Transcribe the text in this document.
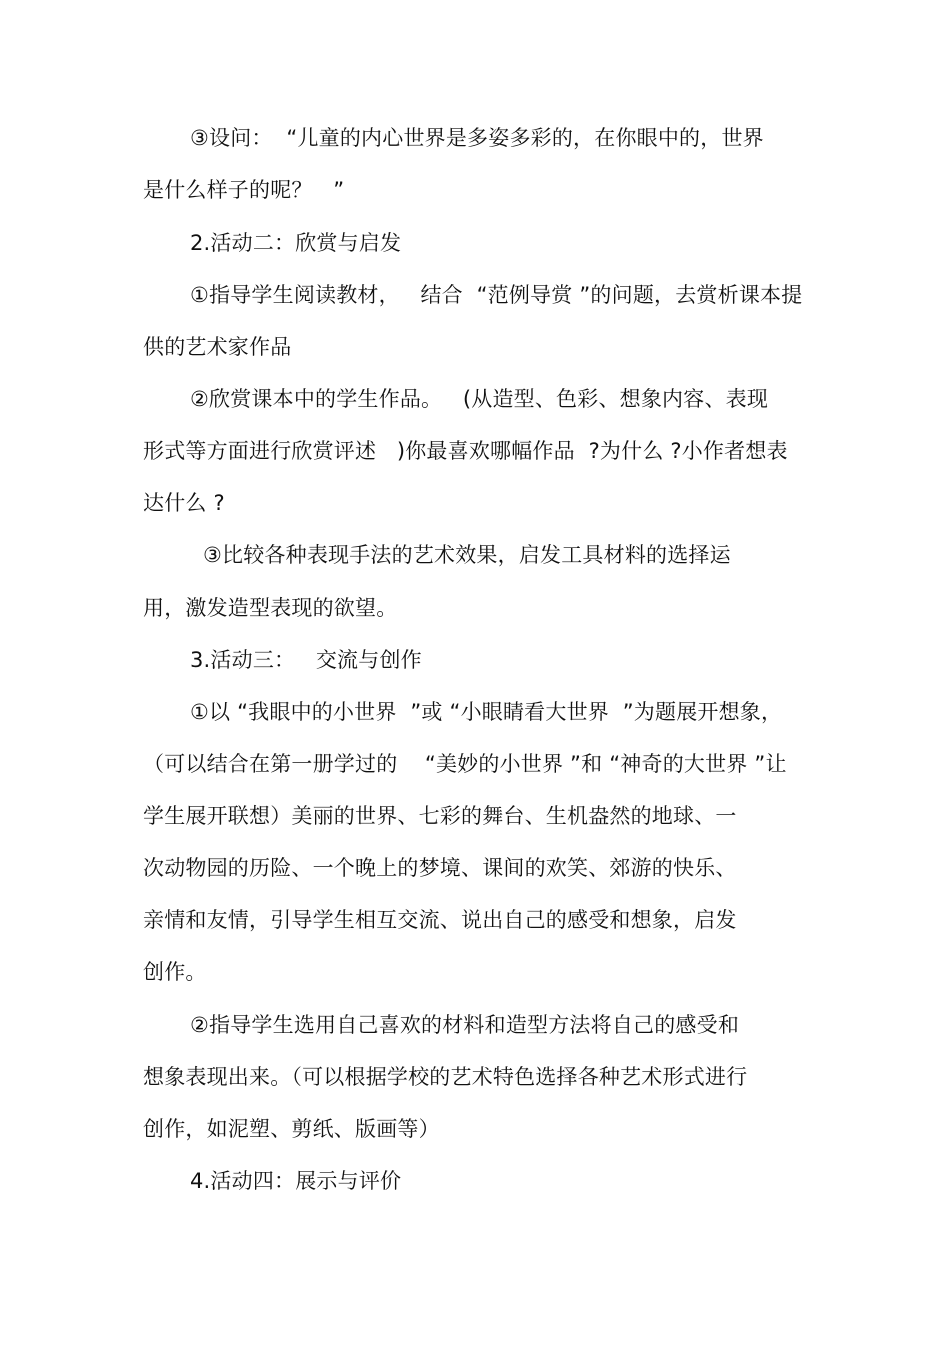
③设问：  “儿童的内心世界是多姿多彩的，在你眼中的，世界
是什么样子的呢？   ”
2.活动二：欣赏与启发
①指导学生阅读教材，   结合  “范例导赏 ”的问题，去赏析课本提
供的艺术家作品
②欣赏课本中的学生作品。   (从造型、色彩、想象内容、表现
形式等方面进行欣赏评述   )你最喜欢哪幅作品  ?为什么 ?小作者想表
达什么 ?
③比较各种表现手法的艺术效果，启发工具材料的选择运
用，激发造型表现的欲望。
3.活动三：   交流与创作
①以 “我眼中的小世界  ”或 “小眼睛看大世界  ”为题展开想象，
（可以结合在第一册学过的    “美妙的小世界 ”和 “神奇的大世界 ”让
学生展开联想）美丽的世界、七彩的舞台、生机盎然的地球、一
次动物园的历险、一个晚上的梦境、课间的欢笑、郊游的快乐、
亲情和友情，引导学生相互交流、说出自己的感受和想象，启发
创作。
②指导学生选用自己喜欢的材料和造型方法将自己的感受和
想象表现出来。（可以根据学校的艺术特色选择各种艺术形式进行
创作，如泥塑、剪纸、版画等）
4.活动四：展示与评价
